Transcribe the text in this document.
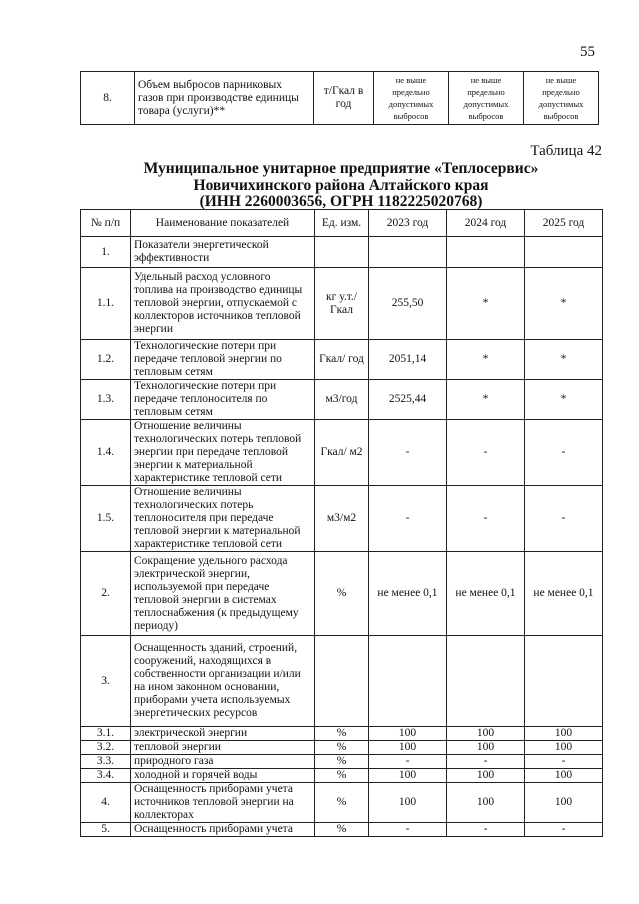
55
8.	Объем выбросов парниковых газов при производстве единицы товара (услуги)**	т/Гкал в год	не выше предельно допустимых выбросов	не выше предельно допустимых выбросов	не выше предельно допустимых выбросов
Таблица 42
Муниципальное унитарное предприятие «Теплосервис»
Новичихинского района Алтайского края
(ИНН 2260003656, ОГРН 1182225020768)
№ п/п	Наименование показателей	Ед. изм.	2023 год	2024 год	2025 год
1.	Показатели энергетической эффективности				
1.1.	Удельный расход условного топлива на производство единицы тепловой энергии, отпускаемой с коллекторов источников тепловой энергии	кг у.т./ Гкал	255,50	*	*
1.2.	Технологические потери при передаче тепловой энергии по тепловым сетям	Гкал/ год	2051,14	*	*
1.3.	Технологические потери при передаче теплоносителя по тепловым сетям	м3/год	2525,44	*	*
1.4.	Отношение величины технологических потерь тепловой энергии при передаче тепловой энергии к материальной характеристике тепловой сети	Гкал/ м2	-	-	-
1.5.	Отношение величины технологических потерь теплоносителя при передаче тепловой энергии к материальной характеристике тепловой сети	м3/м2	-	-	-
2.	Сокращение удельного расхода электрической энергии, используемой при передаче тепловой энергии в системах теплоснабжения (к предыдущему периоду)	%	не менее 0,1	не менее 0,1	не менее 0,1
3.	Оснащенность зданий, строений, сооружений, находящихся в собственности организации и/или на ином законном основании, приборами учета используемых энергетических ресурсов				
3.1.	электрической энергии	%	100	100	100
3.2.	тепловой энергии	%	100	100	100
3.3.	природного газа	%	-	-	-
3.4.	холодной и горячей воды	%	100	100	100
4.	Оснащенность приборами учета источников тепловой энергии на коллекторах	%	100	100	100
5.	Оснащенность приборами учета	%	-	-	-
